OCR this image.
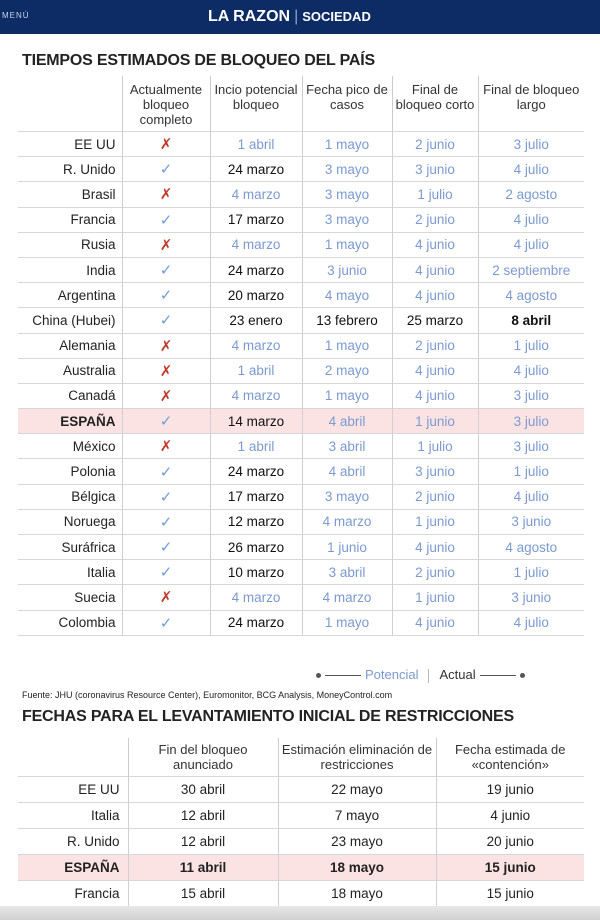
MENÚ	LA RAZON | SOCIEDAD
TIEMPOS ESTIMADOS DE BLOQUEO DEL PAÍS
	Actualmente bloqueo completo	Incio potencial bloqueo	Fecha pico de casos	Final de bloqueo corto	Final de bloqueo largo
EE UU	✗	1 abril	1 mayo	2 junio	3 julio
R. Unido	✓	24 marzo	3 mayo	3 junio	4 julio
Brasil	✗	4 marzo	3 mayo	1 julio	2 agosto
Francia	✓	17 marzo	3 mayo	2 junio	4 julio
Rusia	✗	4 marzo	1 mayo	4 junio	4 julio
India	✓	24 marzo	3 junio	4 junio	2 septiembre
Argentina	✓	20 marzo	4 mayo	4 junio	4 agosto
China (Hubei)	✓	23 enero	13 febrero	25 marzo	8 abril
Alemania	✗	4 marzo	1 mayo	2 junio	1 julio
Australia	✗	1 abril	2 mayo	4 junio	4 julio
Canadá	✗	4 marzo	1 mayo	4 junio	3 julio
ESPAÑA	✓	14 marzo	4 abril	1 junio	3 julio
México	✗	1 abril	3 abril	1 julio	3 julio
Polonia	✓	24 marzo	4 abril	3 junio	1 julio
Bélgica	✓	17 marzo	3 mayo	2 junio	4 julio
Noruega	✓	12 marzo	4 marzo	1 junio	3 junio
Suráfrica	✓	26 marzo	1 junio	4 junio	4 agosto
Italia	✓	10 marzo	3 abril	2 junio	1 julio
Suecia	✗	4 marzo	4 marzo	1 junio	3 junio
Colombia	✓	24 marzo	1 mayo	4 junio	4 julio
Potencial Actual
Fuente: JHU (coronavirus Resource Center), Euromonitor, BCG Analysis, MoneyControl.com
FECHAS PARA EL LEVANTAMIENTO INICIAL DE RESTRICCIONES
	Fin del bloqueo anunciado	Estimación eliminación de restricciones	Fecha estimada de «contención»
EE UU	30 abril	22 mayo	19 junio
Italia	12 abril	7 mayo	4 junio
R. Unido	12 abril	23 mayo	20 junio
ESPAÑA	11 abril	18 mayo	15 junio
Francia	15 abril	18 mayo	15 junio
